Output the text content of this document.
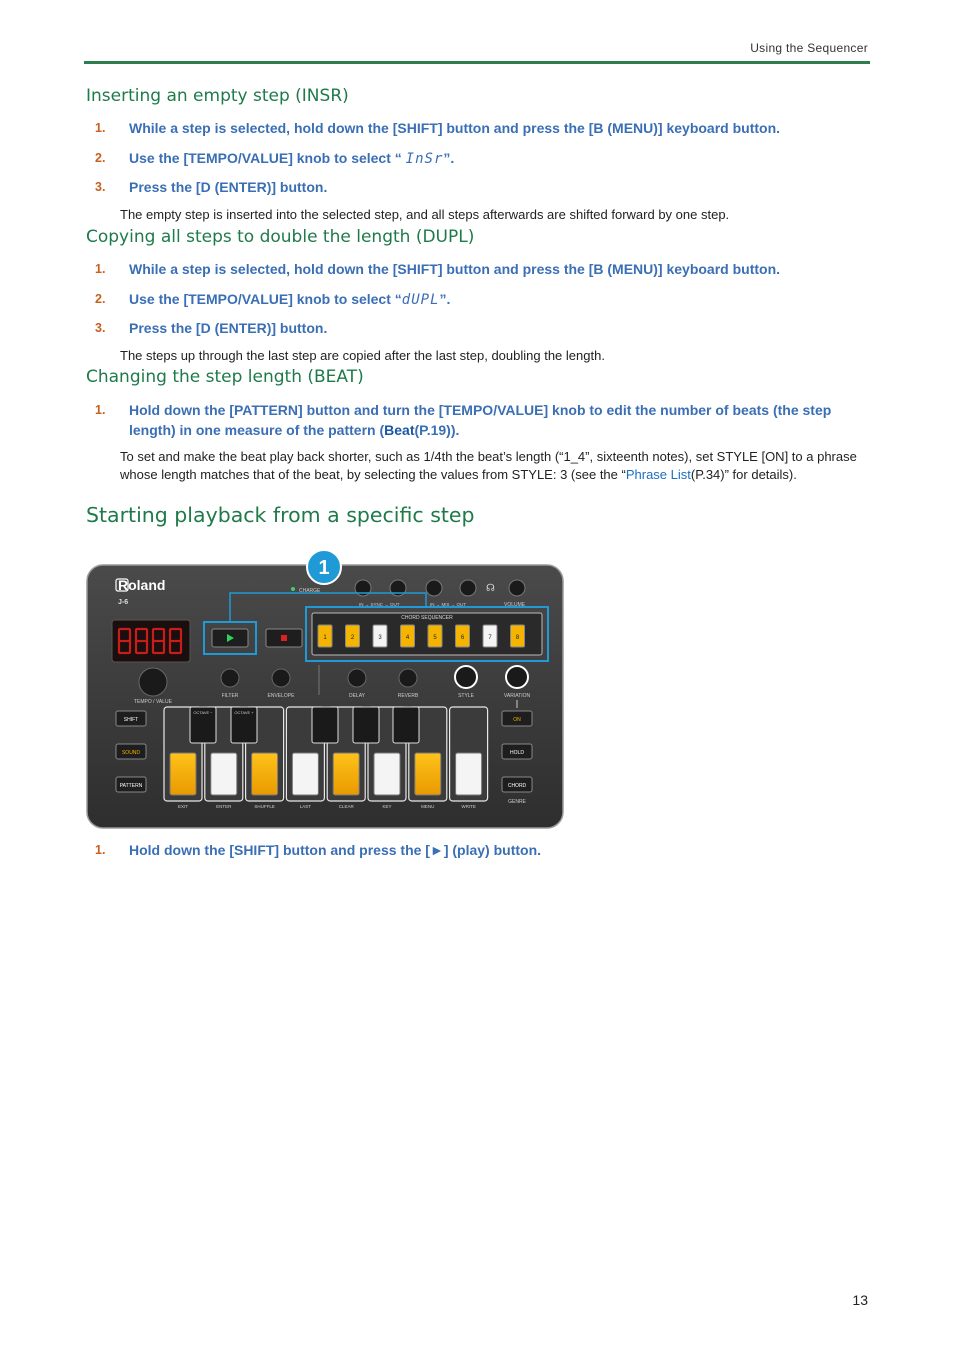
Using the Sequencer
Inserting an empty step (INSR)
1. While a step is selected, hold down the [SHIFT] button and press the [B (MENU)] keyboard button.
2. Use the [TEMPO/VALUE] knob to select “ InSr”.
3. Press the [D (ENTER)] button.
The empty step is inserted into the selected step, and all steps afterwards are shifted forward by one step.
Copying all steps to double the length (DUPL)
1. While a step is selected, hold down the [SHIFT] button and press the [B (MENU)] keyboard button.
2. Use the [TEMPO/VALUE] knob to select “dUPL”.
3. Press the [D (ENTER)] button.
The steps up through the last step are copied after the last step, doubling the length.
Changing the step length (BEAT)
1. Hold down the [PATTERN] button and turn the [TEMPO/VALUE] knob to edit the number of beats (the step length) in one measure of the pattern (Beat(P.19)).
To set and make the beat play back shorter, such as 1/4th the beat’s length (“1_4”, sixteenth notes), set STYLE [ON] to a phrase whose length matches that of the beat, by selecting the values from STYLE: 3 (see the “Phrase List(P.34)” for details).
Starting playback from a specific step
☊
Roland
J-6
CHARGE
IN → SYNC → OUT	IN → MIX → OUT	VOLUME
1
CHORD SEQUENCER
1	2	3	4	5	6	7	8
TEMPO / VALUE
FILTER	ENVELOPE	DELAY	REVERB	STYLE	VARIATION
SHIFT
SOUND
PATTERN
OCTAVE −	OCTAVE +
EXIT	ENTER	SHUFFLE	LAST	CLEAR	KEY	MENU	WRITE
ON
HOLD
CHORD
GENRE
1. Hold down the [SHIFT] button and press the [►] (play) button.
13
